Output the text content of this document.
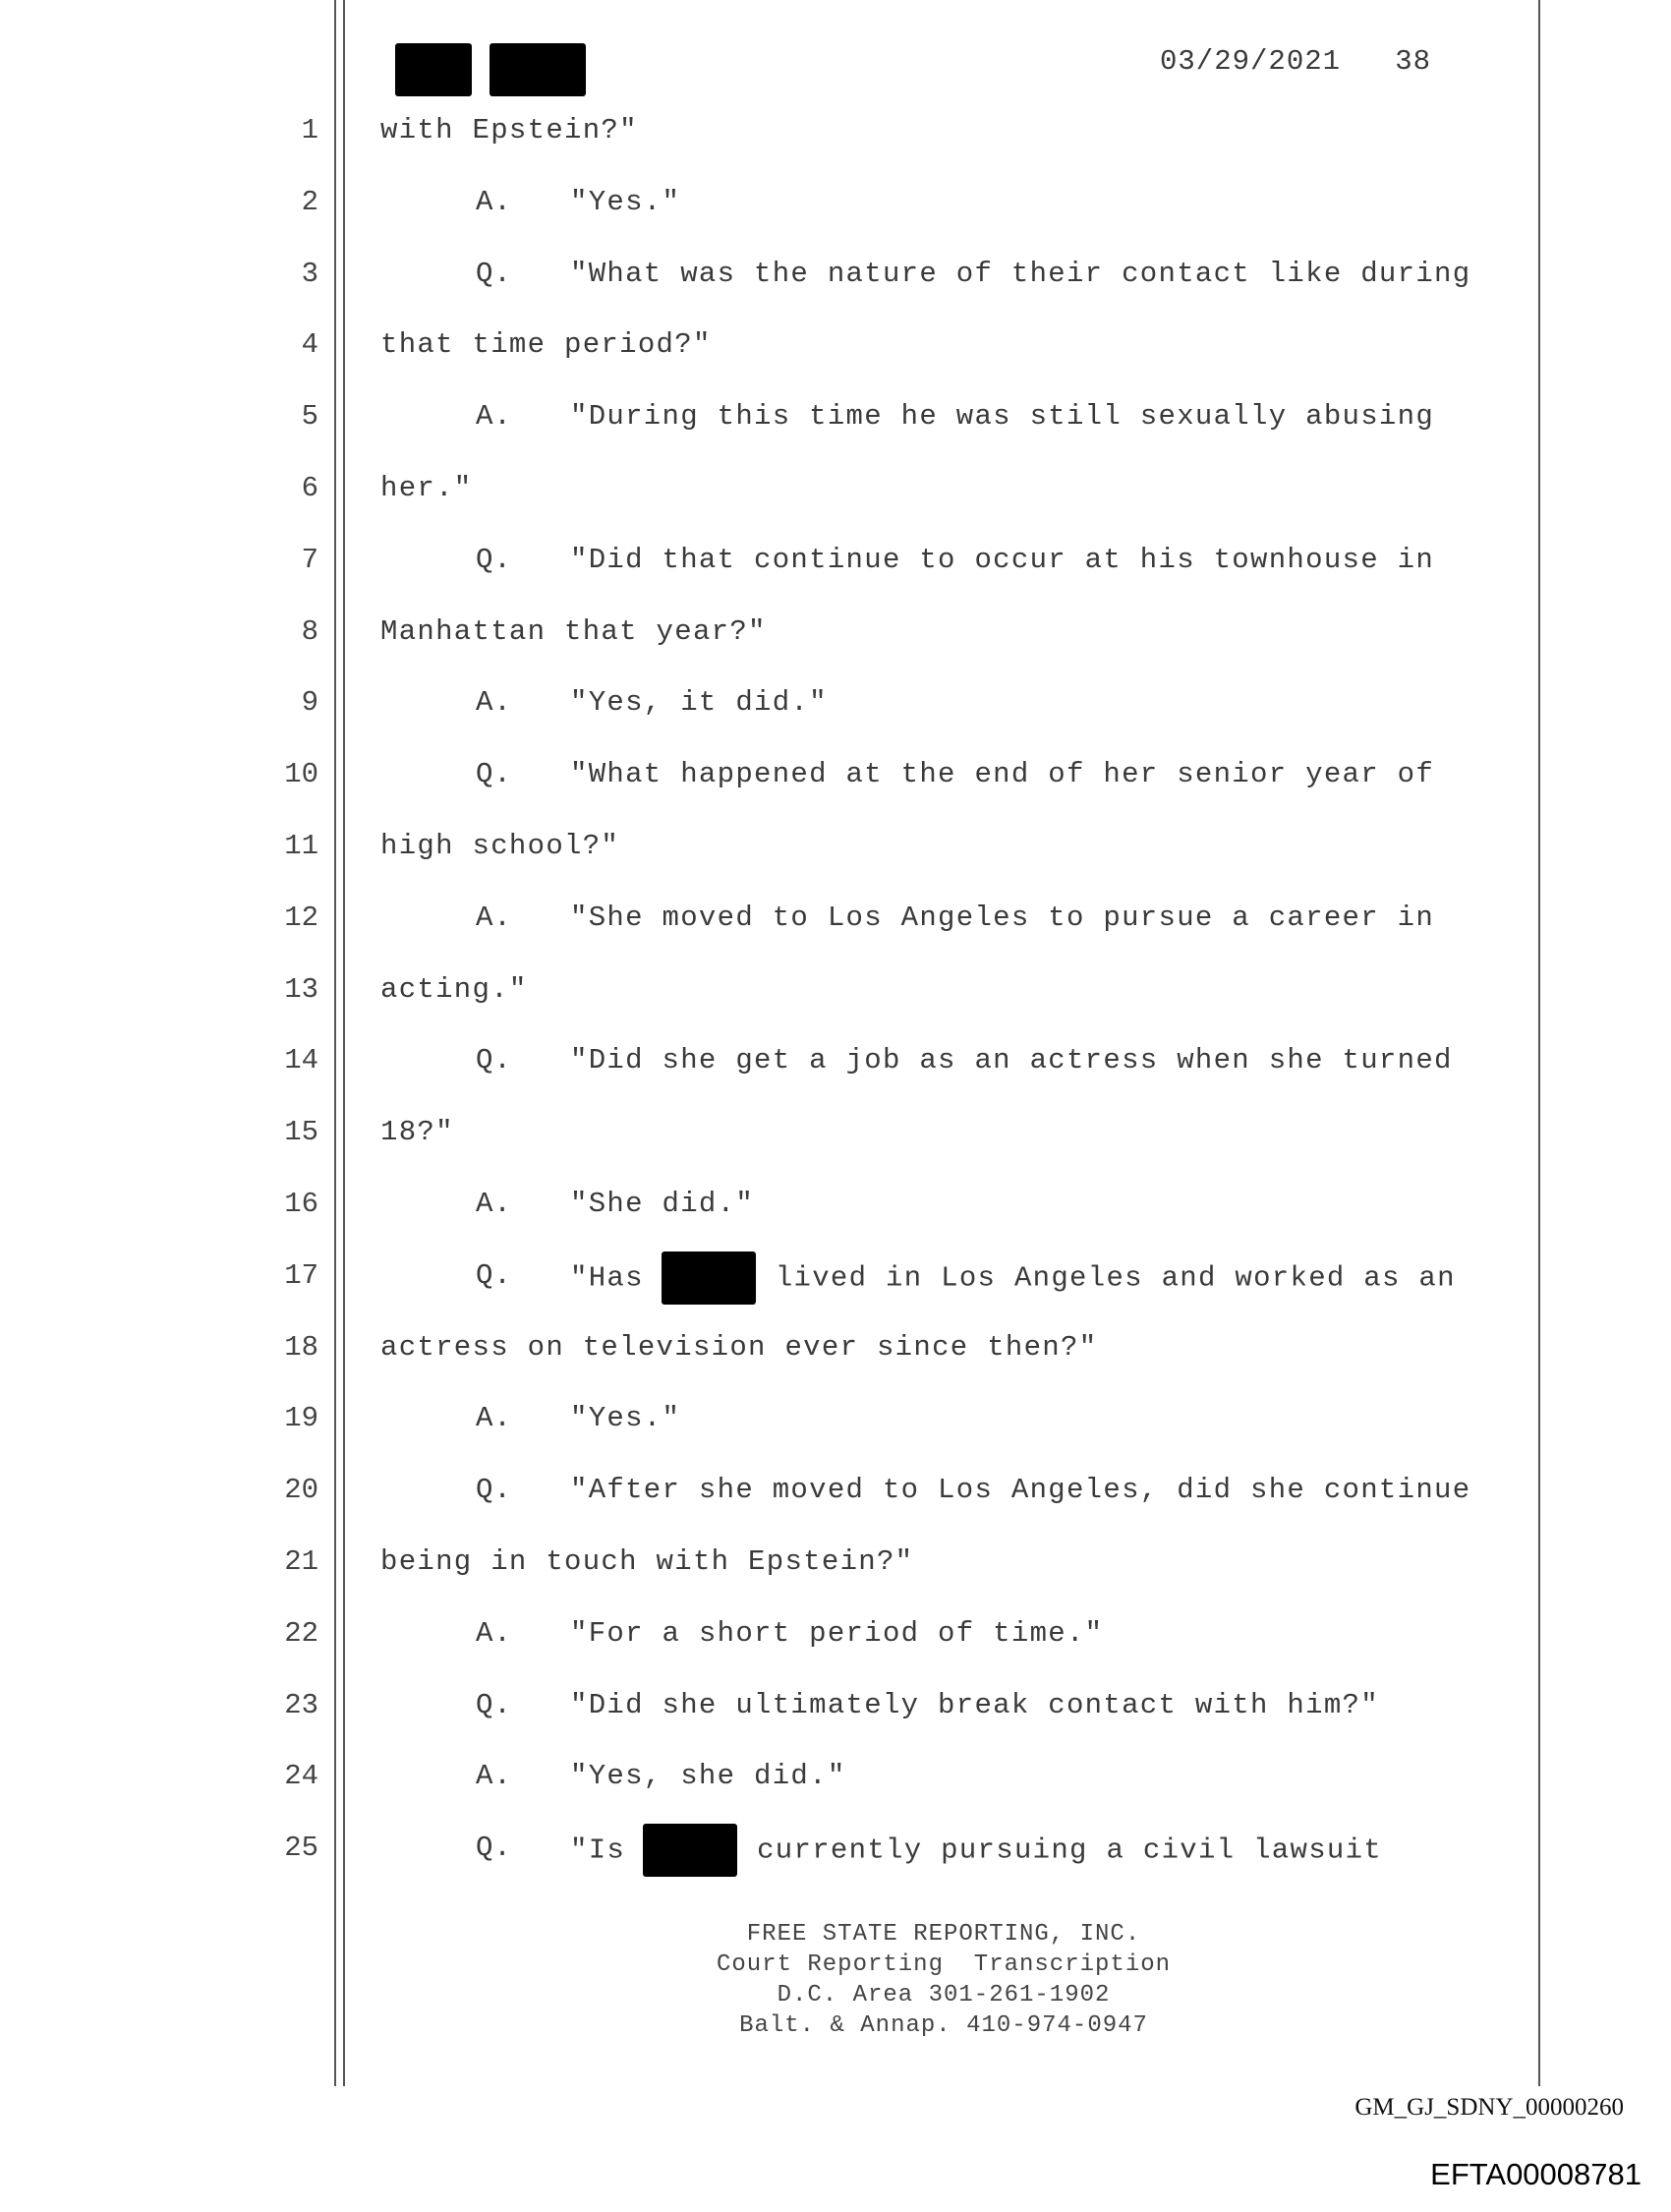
03/29/2021 38
1 with Epstein?"
2	A. "Yes."
3	Q. "What was the nature of their contact like during
4 that time period?"
5	A. "During this time he was still sexually abusing
6 her."
7	Q. "Did that continue to occur at his townhouse in
8 Manhattan that year?"
9	A. "Yes, it did."
10	Q. "What happened at the end of her senior year of
11 high school?"
12	A. "She moved to Los Angeles to pursue a career in
13 acting."
14	Q. "Did she get a job as an actress when she turned
15 18?"
16	A. "She did."
17	Q. "Has	lived in Los Angeles and worked as an
18 actress on television ever since then?"
19	A. "Yes."
20	Q. "After she moved to Los Angeles, did she continue
21 being in touch with Epstein?"
22	A. "For a short period of time."
23	Q. "Did she ultimately break contact with him?"
24	A. "Yes, she did."
25	Q. "Is	currently pursuing a civil lawsuit
FREE STATE REPORTING, INC.
Court Reporting  Transcription
D.C. Area 301-261-1902
Balt. & Annap. 410-974-0947
GM_GJ_SDNY_00000260
EFTA00008781
